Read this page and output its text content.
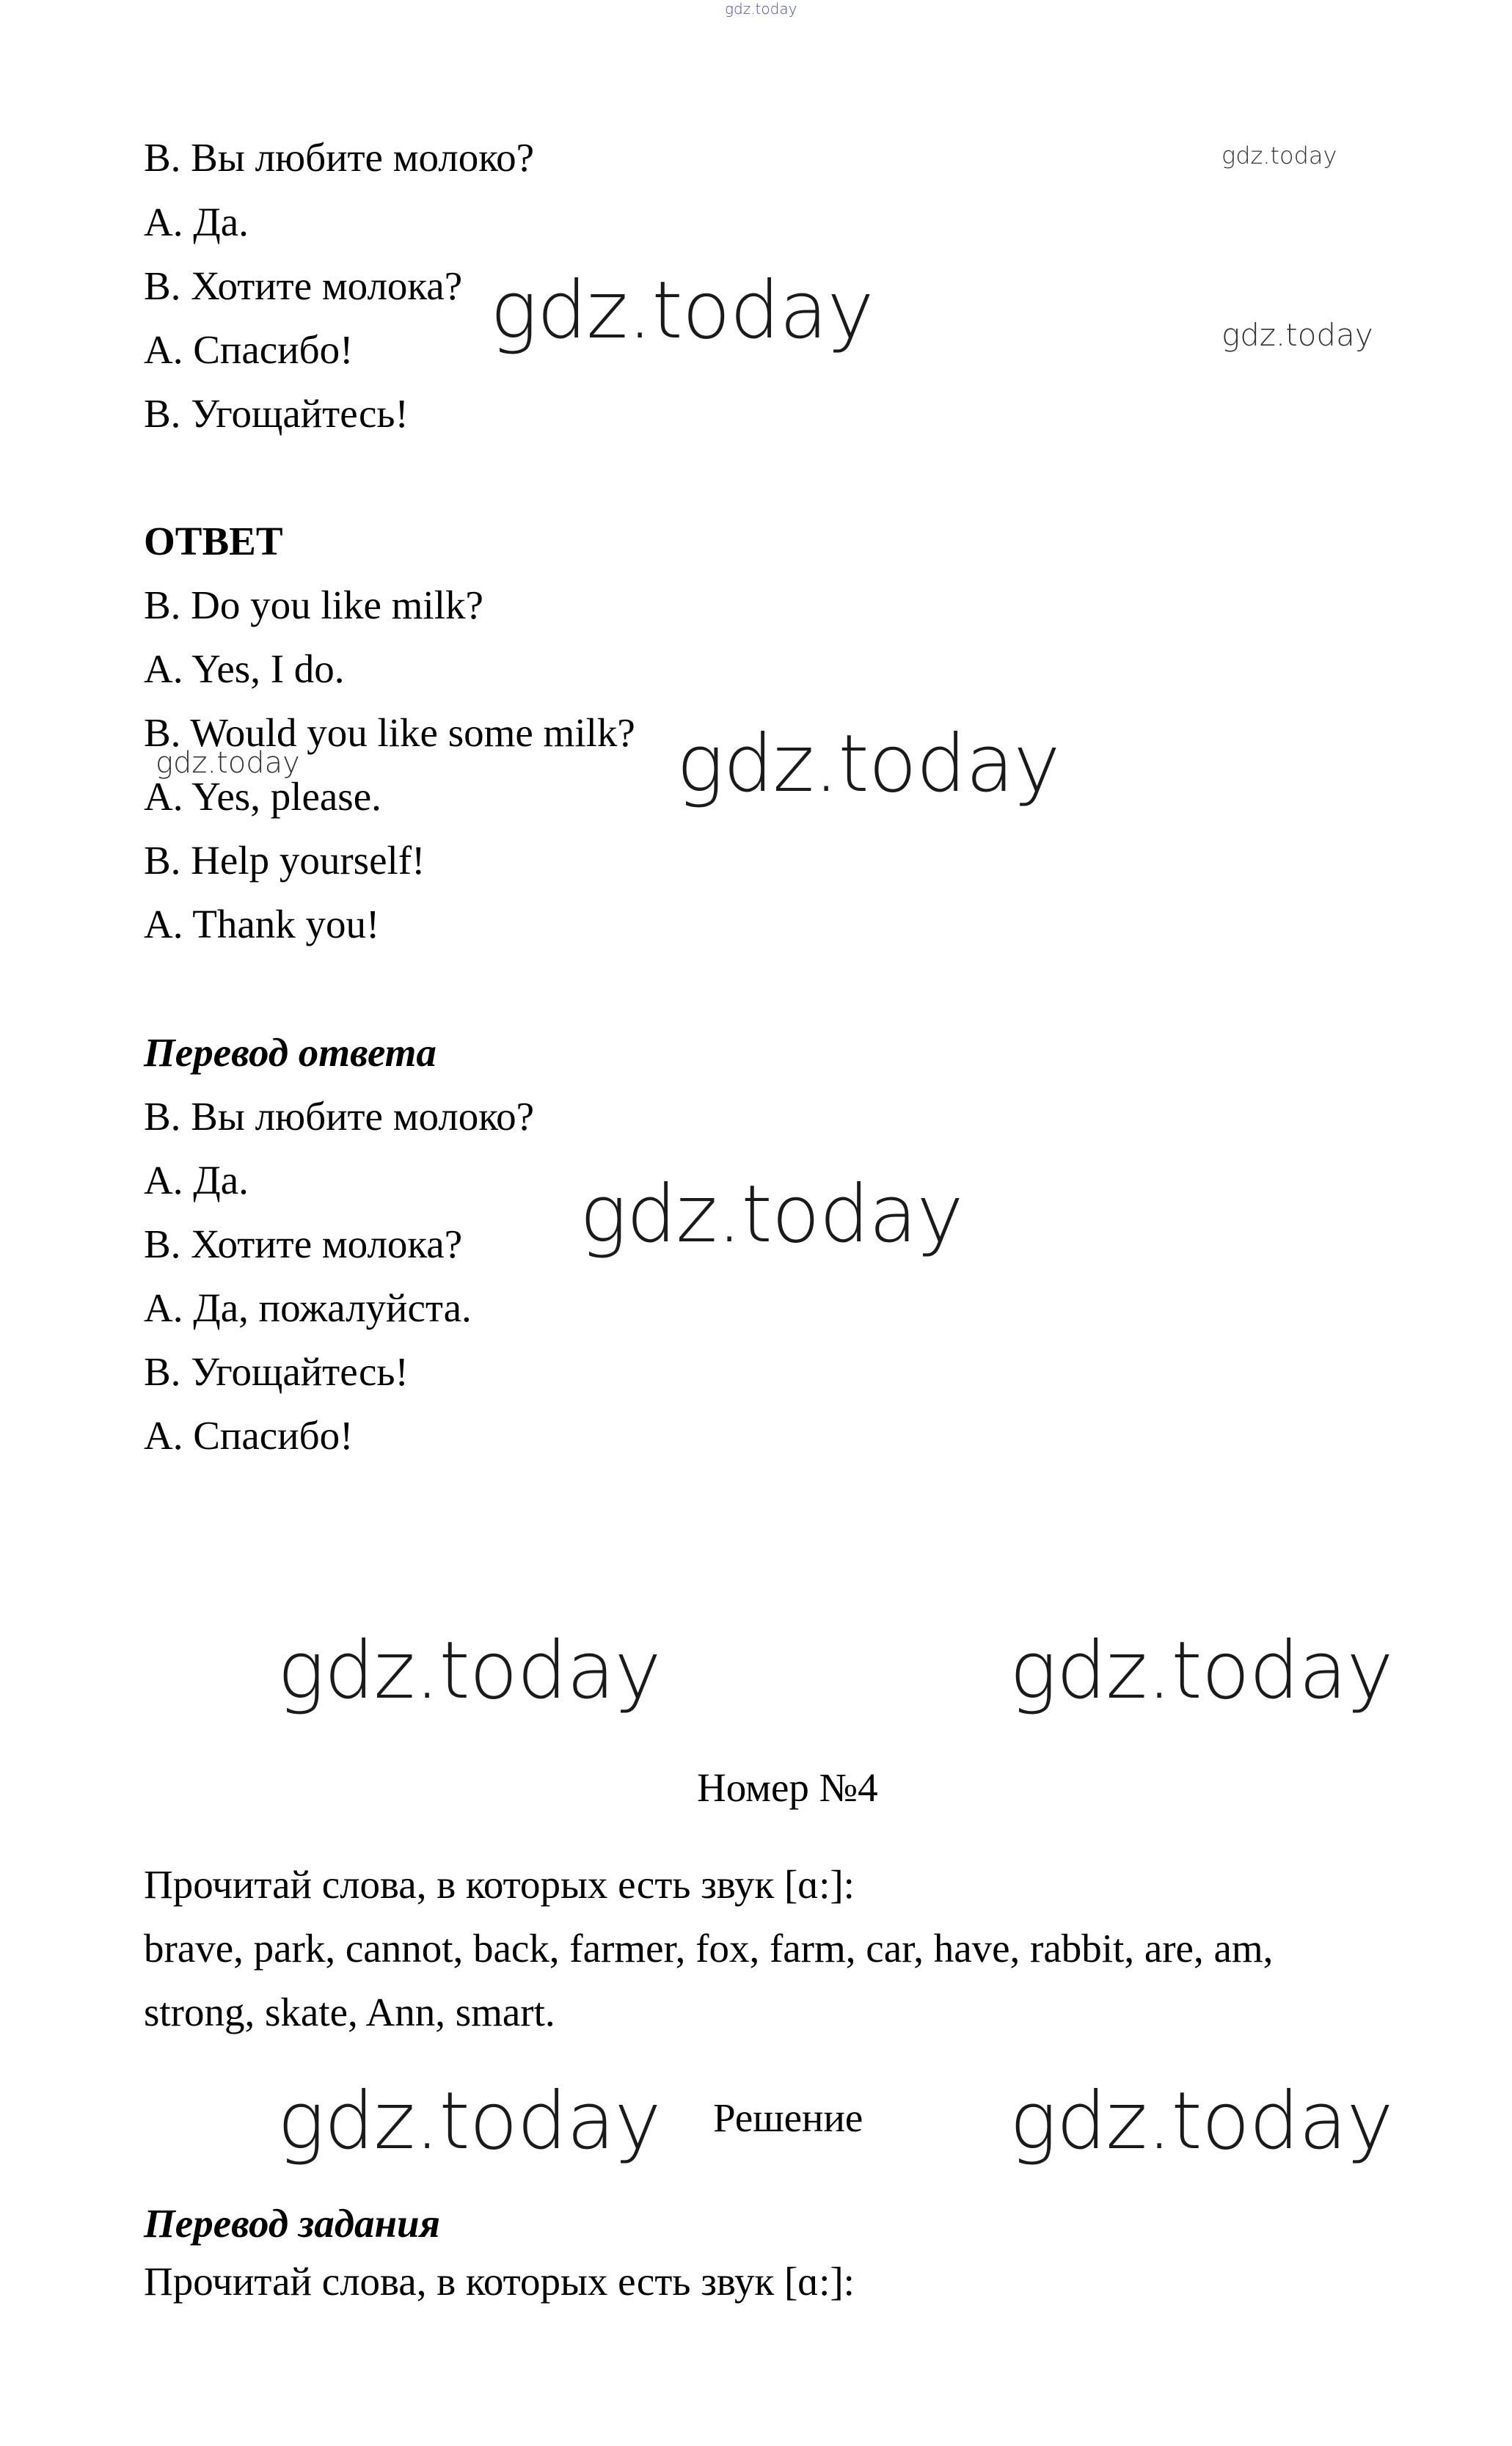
gdz.today
gdz.today
gdz.today
gdz.today
gdz.today
gdz.today
gdz.today
gdz.today	gdz.today
gdz.today	gdz.today
B. Вы любите молоко?
A. Да.
B. Хотите молока?
A. Спасибо!
B. Угощайтесь!
ОТВЕТ
B. Do you like milk?
A. Yes, I do.
B. Would you like some milk?
A. Yes, please.
B. Help yourself!
A. Thank you!
Перевод ответа
B. Вы любите молоко?
A. Да.
B. Хотите молока?
A. Да, пожалуйста.
B. Угощайтесь!
A. Спасибо!
Номер №4
Прочитай слова, в которых есть звук [ɑ:]:
brave, park, cannot, back, farmer, fox, farm, car, have, rabbit, are, am,
strong, skate, Ann, smart.
Решение
Перевод задания
Прочитай слова, в которых есть звук [ɑ:]:
